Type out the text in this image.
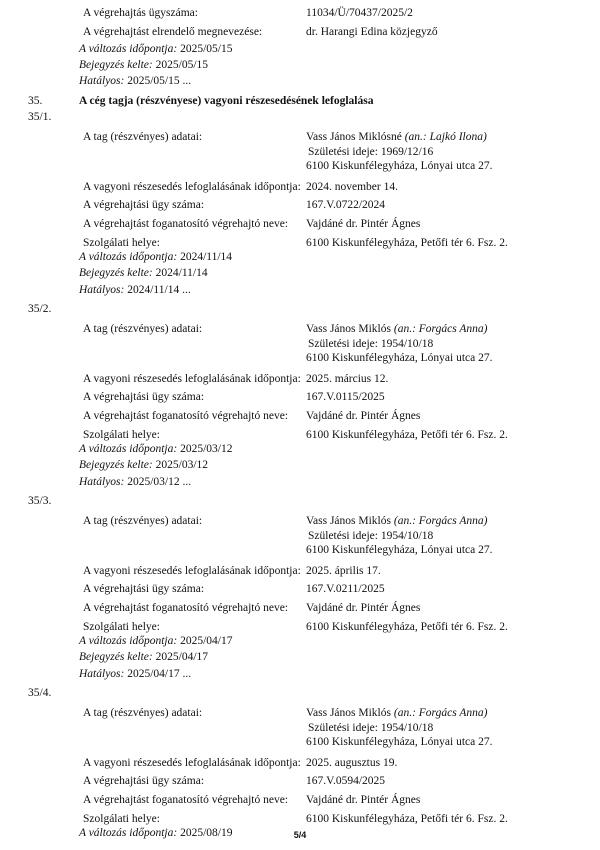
A végrehajtás ügyszáma:	11034/Ü/70437/2025/2
A végrehajtást elrendelő megnevezése:	dr. Harangi Edina közjegyző
A változás időpontja: 2025/05/15
Bejegyzés kelte: 2025/05/15
Hatályos: 2025/05/15 ...
35.	A cég tagja (részvényese) vagyoni részesedésének lefoglalása
35/1.
A tag (részvényes) adatai:	Vass János Miklósné (an.: Lajkó Ilona)
Születési ideje: 1969/12/16
6100 Kiskunfélegyháza, Lónyai utca 27.
A vagyoni részesedés lefoglalásának időpontja: 2024. november 14.
A végrehajtási ügy száma:	167.V.0722/2024
A végrehajtást foganatosító végrehajtó neve: Vajdáné dr. Pintér Ágnes
Szolgálati helye:	6100 Kiskunfélegyháza, Petőfi tér 6. Fsz. 2.
A változás időpontja: 2024/11/14
Bejegyzés kelte: 2024/11/14
Hatályos: 2024/11/14 ...
35/2.
A tag (részvényes) adatai:	Vass János Miklós (an.: Forgács Anna)
Születési ideje: 1954/10/18
6100 Kiskunfélegyháza, Lónyai utca 27.
A vagyoni részesedés lefoglalásának időpontja: 2025. március 12.
A végrehajtási ügy száma:	167.V.0115/2025
A végrehajtást foganatosító végrehajtó neve: Vajdáné dr. Pintér Ágnes
Szolgálati helye:	6100 Kiskunfélegyháza, Petőfi tér 6. Fsz. 2.
A változás időpontja: 2025/03/12
Bejegyzés kelte: 2025/03/12
Hatályos: 2025/03/12 ...
35/3.
A tag (részvényes) adatai:	Vass János Miklós (an.: Forgács Anna)
Születési ideje: 1954/10/18
6100 Kiskunfélegyháza, Lónyai utca 27.
A vagyoni részesedés lefoglalásának időpontja: 2025. április 17.
A végrehajtási ügy száma:	167.V.0211/2025
A végrehajtást foganatosító végrehajtó neve: Vajdáné dr. Pintér Ágnes
Szolgálati helye:	6100 Kiskunfélegyháza, Petőfi tér 6. Fsz. 2.
A változás időpontja: 2025/04/17
Bejegyzés kelte: 2025/04/17
Hatályos: 2025/04/17 ...
35/4.
A tag (részvényes) adatai:	Vass János Miklós (an.: Forgács Anna)
Születési ideje: 1954/10/18
6100 Kiskunfélegyháza, Lónyai utca 27.
A vagyoni részesedés lefoglalásának időpontja: 2025. augusztus 19.
A végrehajtási ügy száma:	167.V.0594/2025
A végrehajtást foganatosító végrehajtó neve: Vajdáné dr. Pintér Ágnes
Szolgálati helye:	6100 Kiskunfélegyháza, Petőfi tér 6. Fsz. 2.
A változás időpontja: 2025/08/19	5/4
